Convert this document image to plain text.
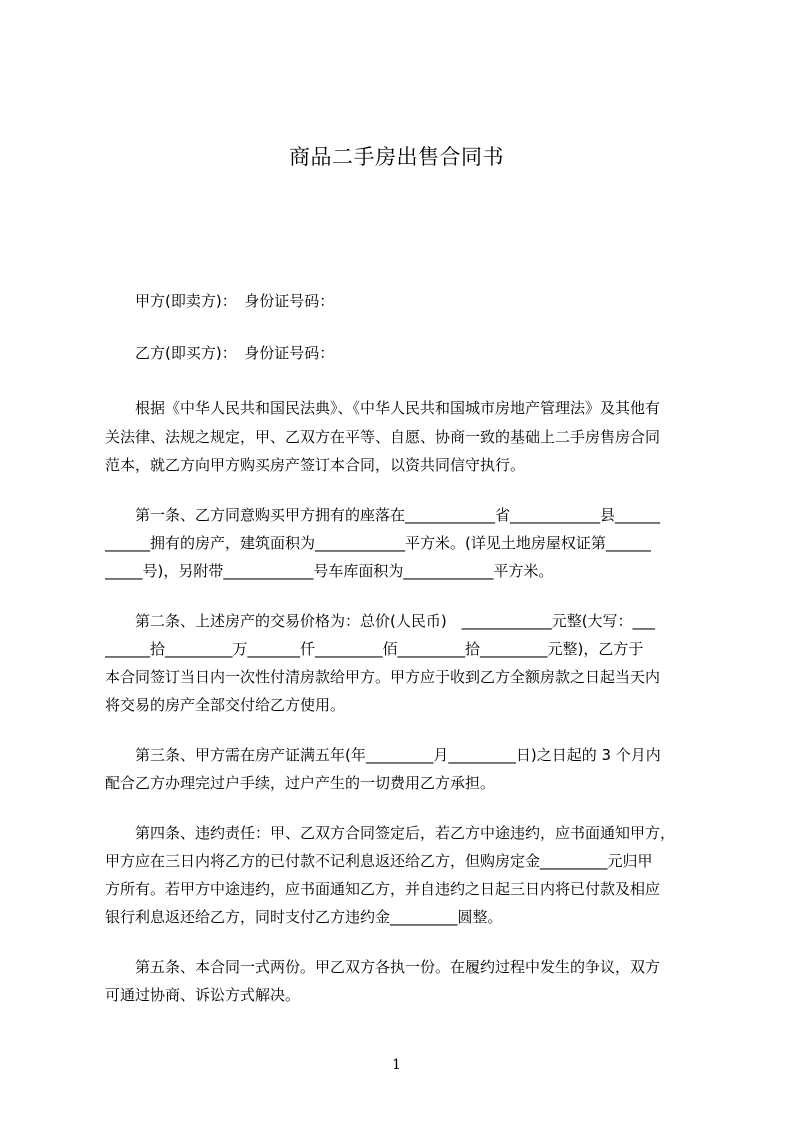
商品二手房出售合同书
　　甲方(即卖方)：　身份证号码：
　　乙方(即买方)：　身份证号码：
　　根据《中华人民共和国民法典》、《中华人民共和国城市房地产管理法》及其他有
关法律、法规之规定，甲、乙双方在平等、自愿、协商一致的基础上二手房售房合同
范本，就乙方向甲方购买房产签订本合同，以资共同信守执行。
　　第一条、乙方同意购买甲方拥有的座落在____________省____________县______
______拥有的房产，建筑面积为____________平方米。(详见土地房屋权证第______
_____号)，另附带____________号车库面积为____________平方米。
　　第二条、上述房产的交易价格为：总价(人民币)　____________元整(大写：___
______拾_________万_______仟_________佰_________拾_________元整)，乙方于
本合同签订当日内一次性付清房款给甲方。甲方应于收到乙方全额房款之日起当天内
将交易的房产全部交付给乙方使用。
　　第三条、甲方需在房产证满五年(年_________月_________日)之日起的 3 个月内
配合乙方办理完过户手续，过户产生的一切费用乙方承担。
　　第四条、违约责任：甲、乙双方合同签定后，若乙方中途违约，应书面通知甲方，
甲方应在三日内将乙方的已付款不记利息返还给乙方，但购房定金_________元归甲
方所有。若甲方中途违约，应书面通知乙方，并自违约之日起三日内将已付款及相应
银行利息返还给乙方，同时支付乙方违约金_________圆整。
　　第五条、本合同一式两份。甲乙双方各执一份。在履约过程中发生的争议，双方
可通过协商、诉讼方式解决。
1
